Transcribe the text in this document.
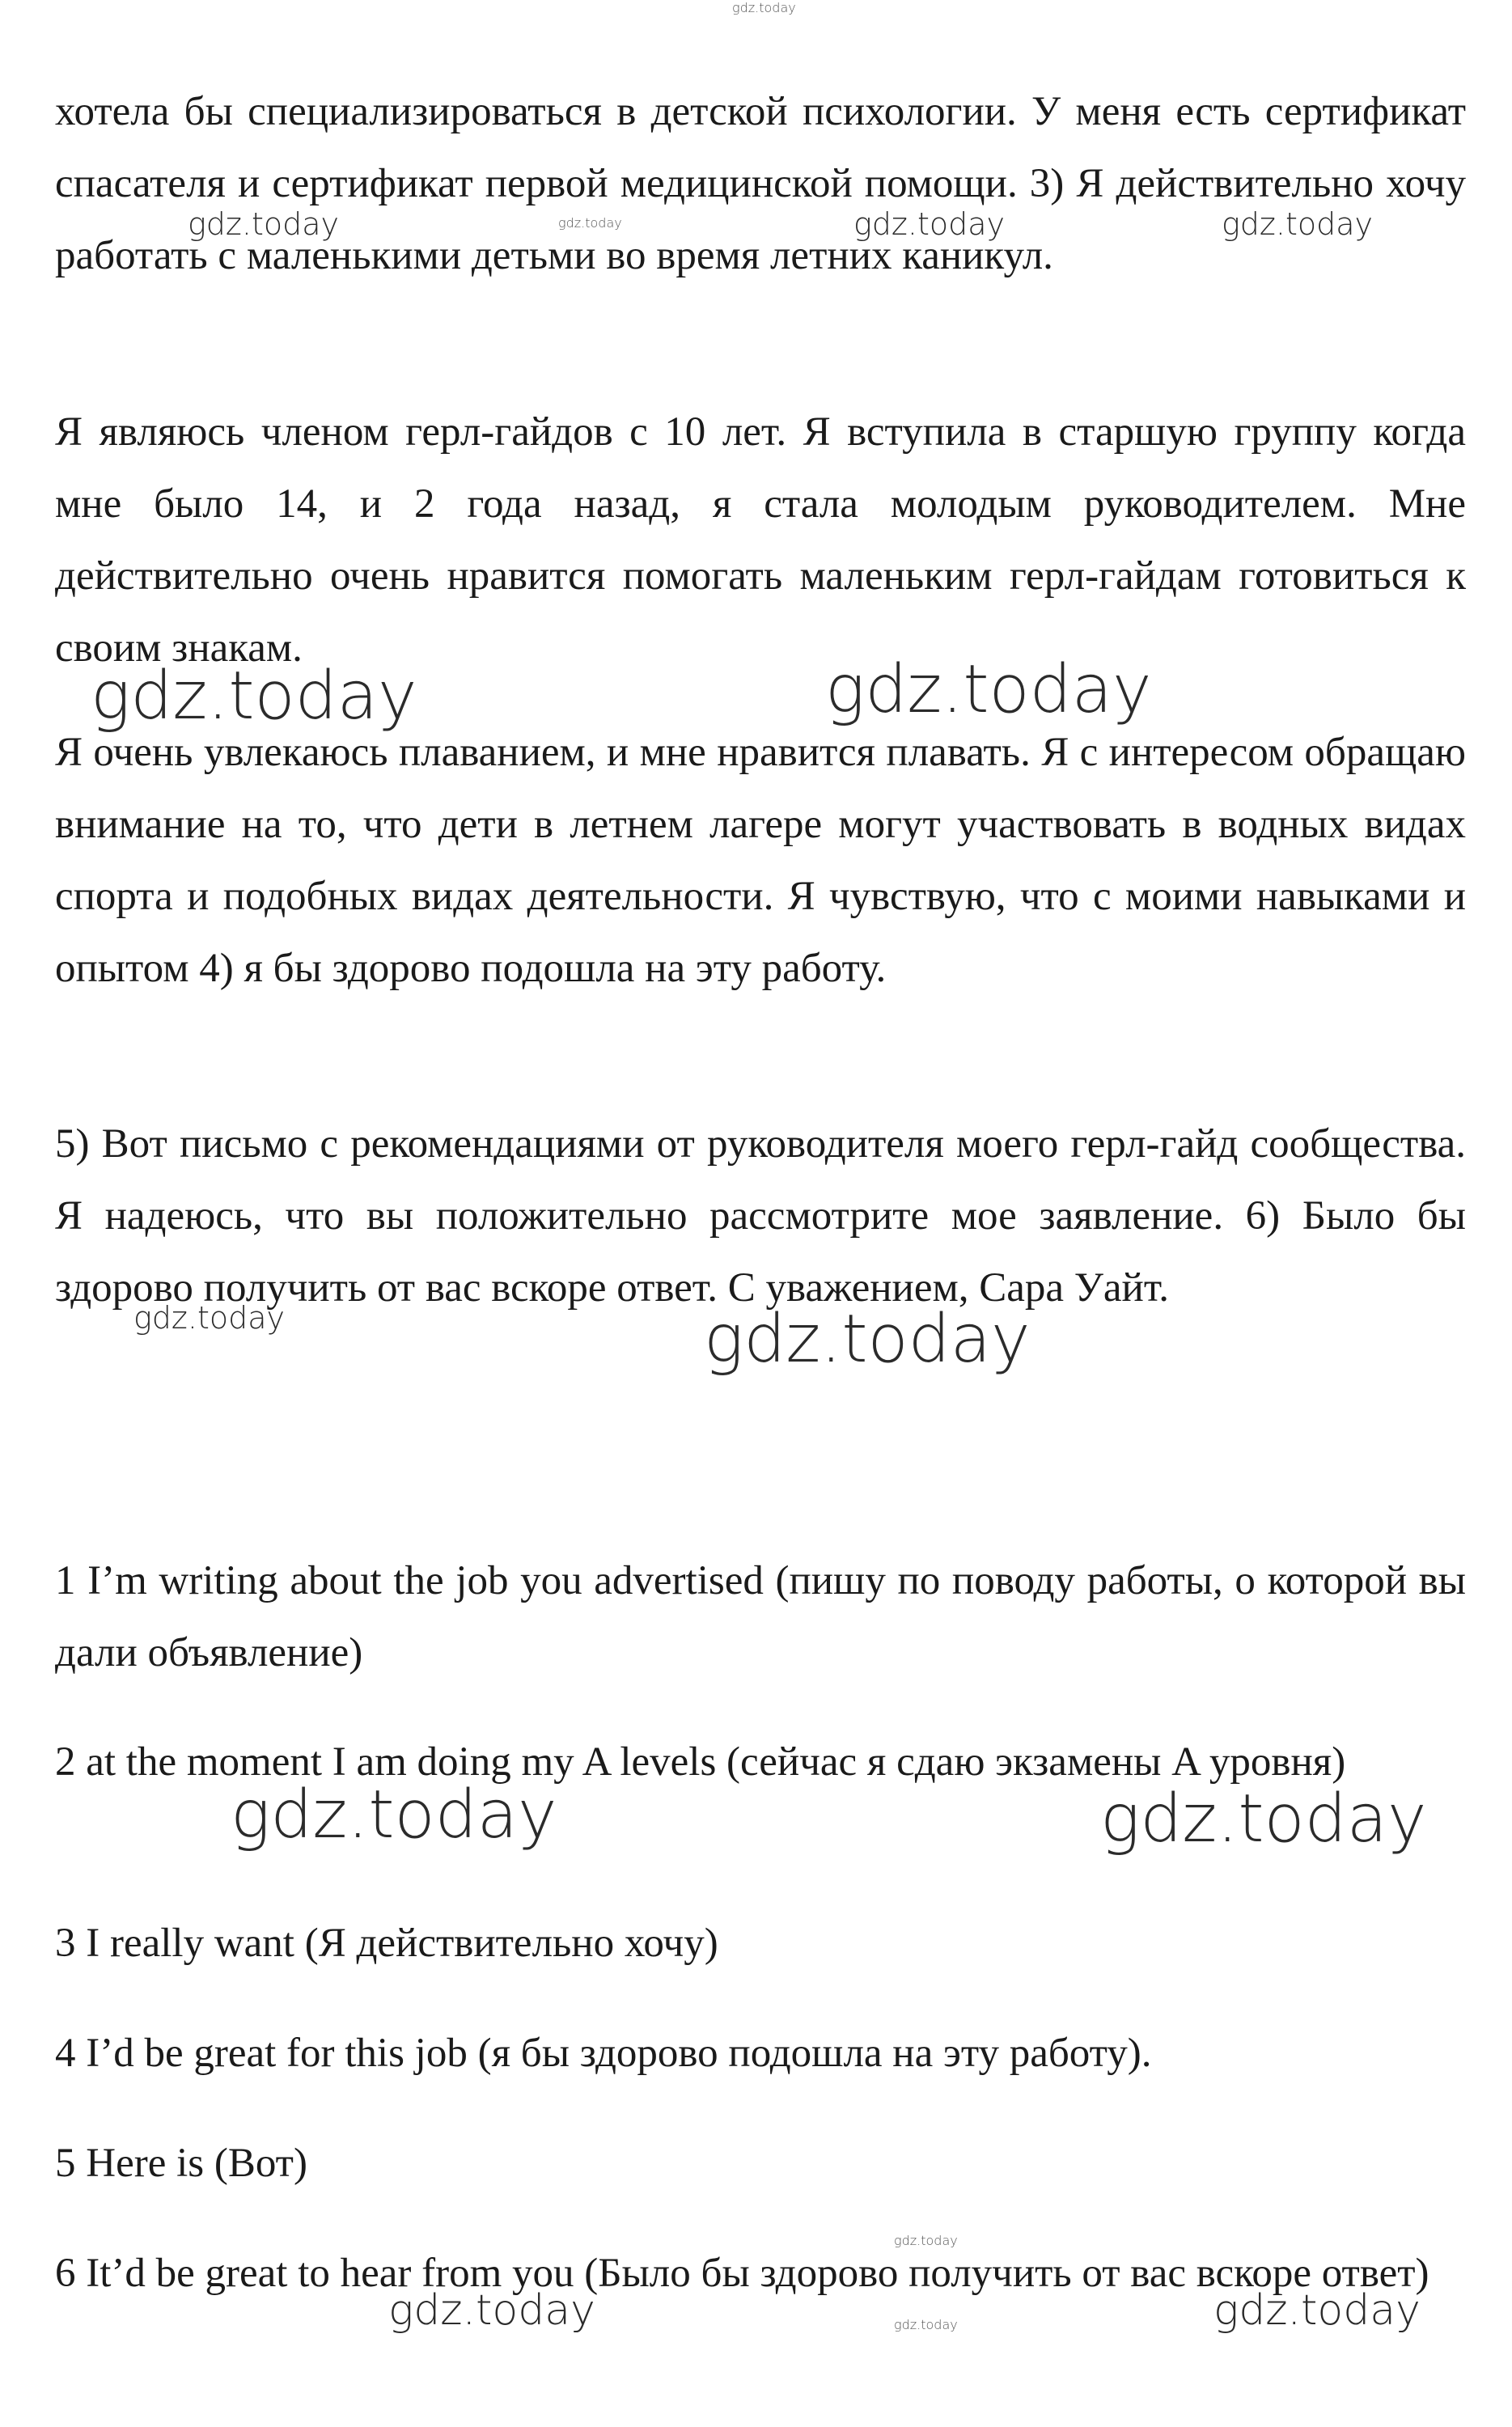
gdz.today
gdz.today	gdz.today	gdz.today	gdz.today
gdz.today	gdz.today
gdz.today	gdz.today
gdz.today	gdz.today
gdz.today
gdz.today	gdz.today	gdz.today

хотела бы специализироваться в детской психологии. У меня есть сертификат спасателя и сертификат первой медицинской помощи. 3) Я действительно хочу работать с маленькими детьми во время летних каникул.

Я являюсь членом герл-гайдов с 10 лет. Я вступила в старшую группу когда мне было 14, и 2 года назад, я стала молодым руководителем. Мне действительно очень нравится помогать маленьким герл-гайдам готовиться к своим знакам.

Я очень увлекаюсь плаванием, и мне нравится плавать. Я с интересом обращаю внимание на то, что дети в летнем лагере могут участвовать в водных видах спорта и подобных видах деятельности. Я чувствую, что с моими навыками и опытом 4) я бы здорово подошла на эту работу.

5) Вот письмо с рекомендациями от руководителя моего герл-гайд сообщества. Я надеюсь, что вы положительно рассмотрите мое заявление. 6) Было бы здорово получить от вас вскоре ответ. С уважением, Сара Уайт.

1 I’m writing about the job you advertised (пишу по поводу работы, о которой вы дали объявление)

2 at the moment I am doing my A levels (сейчас я сдаю экзамены A уровня)

3 I really want (Я действительно хочу)

4 I’d be great for this job (я бы здорово подошла на эту работу).

5 Here is (Вот)

6 It’d be great to hear from you (Было бы здорово получить от вас вскоре ответ)
